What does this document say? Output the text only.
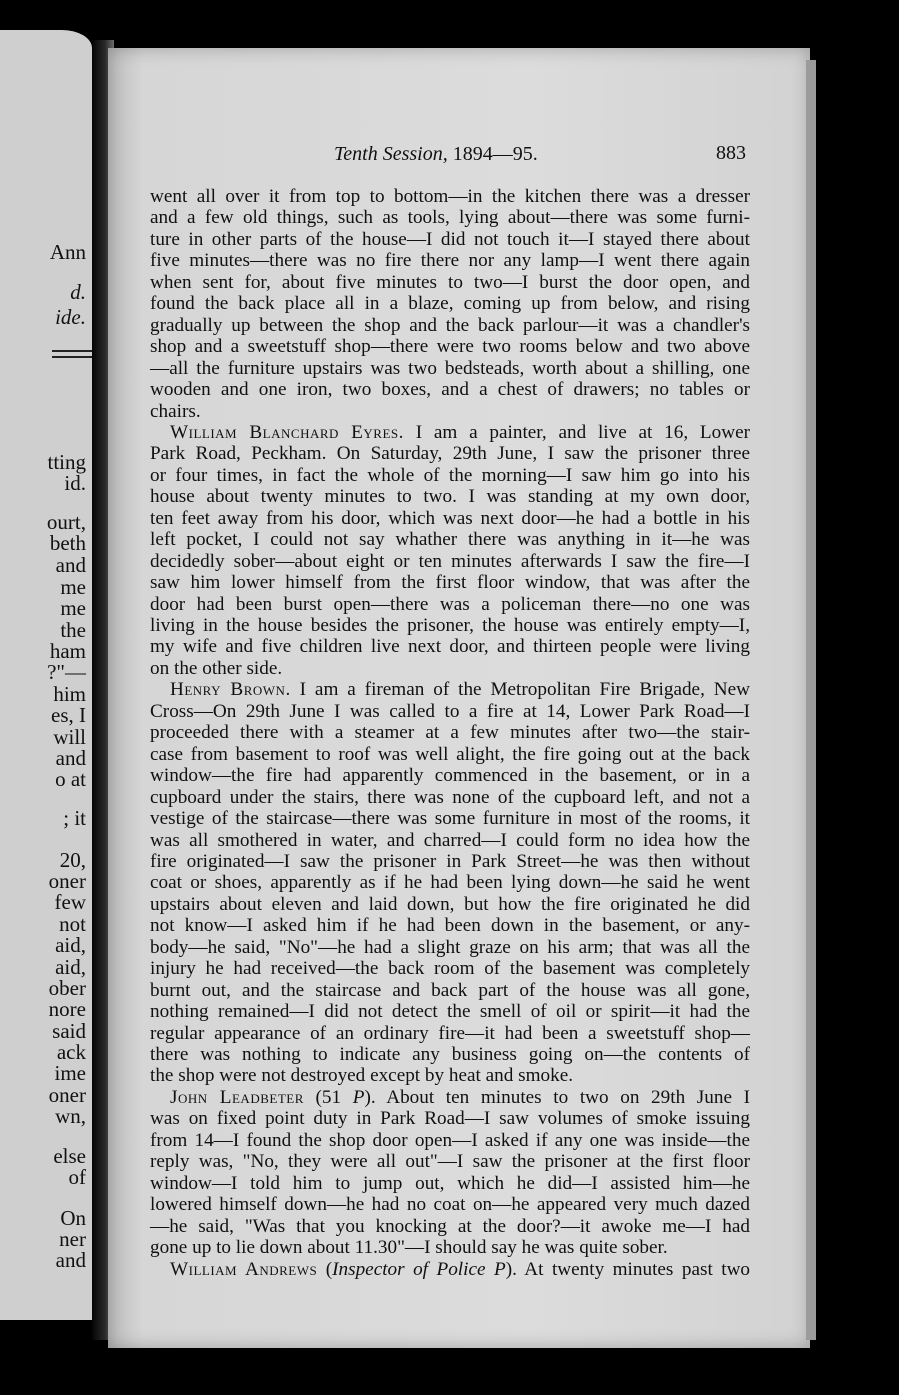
Ann
d.
ide.
tting
id.
ourt,
beth
and
me
me
the
ham
?"—
him
es, I
will
and
o at
; it
20,
oner
few
not
aid,
aid,
ober
nore
said
ack
ime
oner
wn,
else
of
On
ner
and
Tenth Session, 1894—95.	883
went all over it from top to bottom—in the kitchen there was a dresser
and a few old things, such as tools, lying about—there was some furni-
ture in other parts of the house—I did not touch it—I stayed there about
five minutes—there was no fire there nor any lamp—I went there again
when sent for, about five minutes to two—I burst the door open, and
found the back place all in a blaze, coming up from below, and rising
gradually up between the shop and the back parlour—it was a chandler's
shop and a sweetstuff shop—there were two rooms below and two above
—all the furniture upstairs was two bedsteads, worth about a shilling, one
wooden and one iron, two boxes, and a chest of drawers; no tables or
chairs.
William Blanchard Eyres. I am a painter, and live at 16, Lower
Park Road, Peckham. On Saturday, 29th June, I saw the prisoner three
or four times, in fact the whole of the morning—I saw him go into his
house about twenty minutes to two. I was standing at my own door,
ten feet away from his door, which was next door—he had a bottle in his
left pocket, I could not say whather there was anything in it—he was
decidedly sober—about eight or ten minutes afterwards I saw the fire—I
saw him lower himself from the first floor window, that was after the
door had been burst open—there was a policeman there—no one was
living in the house besides the prisoner, the house was entirely empty—I,
my wife and five children live next door, and thirteen people were living
on the other side.
Henry Brown. I am a fireman of the Metropolitan Fire Brigade, New
Cross—On 29th June I was called to a fire at 14, Lower Park Road—I
proceeded there with a steamer at a few minutes after two—the stair-
case from basement to roof was well alight, the fire going out at the back
window—the fire had apparently commenced in the basement, or in a
cupboard under the stairs, there was none of the cupboard left, and not a
vestige of the staircase—there was some furniture in most of the rooms, it
was all smothered in water, and charred—I could form no idea how the
fire originated—I saw the prisoner in Park Street—he was then without
coat or shoes, apparently as if he had been lying down—he said he went
upstairs about eleven and laid down, but how the fire originated he did
not know—I asked him if he had been down in the basement, or any-
body—he said, "No"—he had a slight graze on his arm; that was all the
injury he had received—the back room of the basement was completely
burnt out, and the staircase and back part of the house was all gone,
nothing remained—I did not detect the smell of oil or spirit—it had the
regular appearance of an ordinary fire—it had been a sweetstuff shop—
there was nothing to indicate any business going on—the contents of
the shop were not destroyed except by heat and smoke.
John Leadbeter (51 P). About ten minutes to two on 29th June I
was on fixed point duty in Park Road—I saw volumes of smoke issuing
from 14—I found the shop door open—I asked if any one was inside—the
reply was, "No, they were all out"—I saw the prisoner at the first floor
window—I told him to jump out, which he did—I assisted him—he
lowered himself down—he had no coat on—he appeared very much dazed
—he said, "Was that you knocking at the door?—it awoke me—I had
gone up to lie down about 11.30"—I should say he was quite sober.
William Andrews (Inspector of Police P). At twenty minutes past two
